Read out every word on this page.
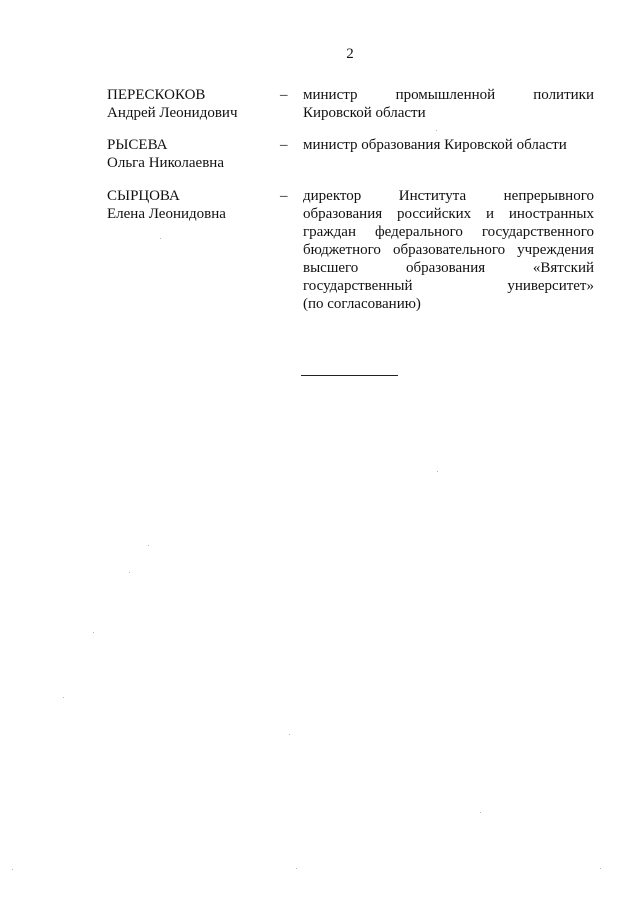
2
ПЕРЕСКОКОВ
Андрей Леонидович
– министр промышленной политики
Кировской области
РЫСЕВА
Ольга Николаевна
– министр образования Кировской области
СЫРЦОВА
Елена Леонидовна
– директор Института непрерывного
образования российских и иностранных
граждан федерального государственного
бюджетного образовательного учреждения
высшего образования «Вятский
государственный университет»
(по согласованию)
